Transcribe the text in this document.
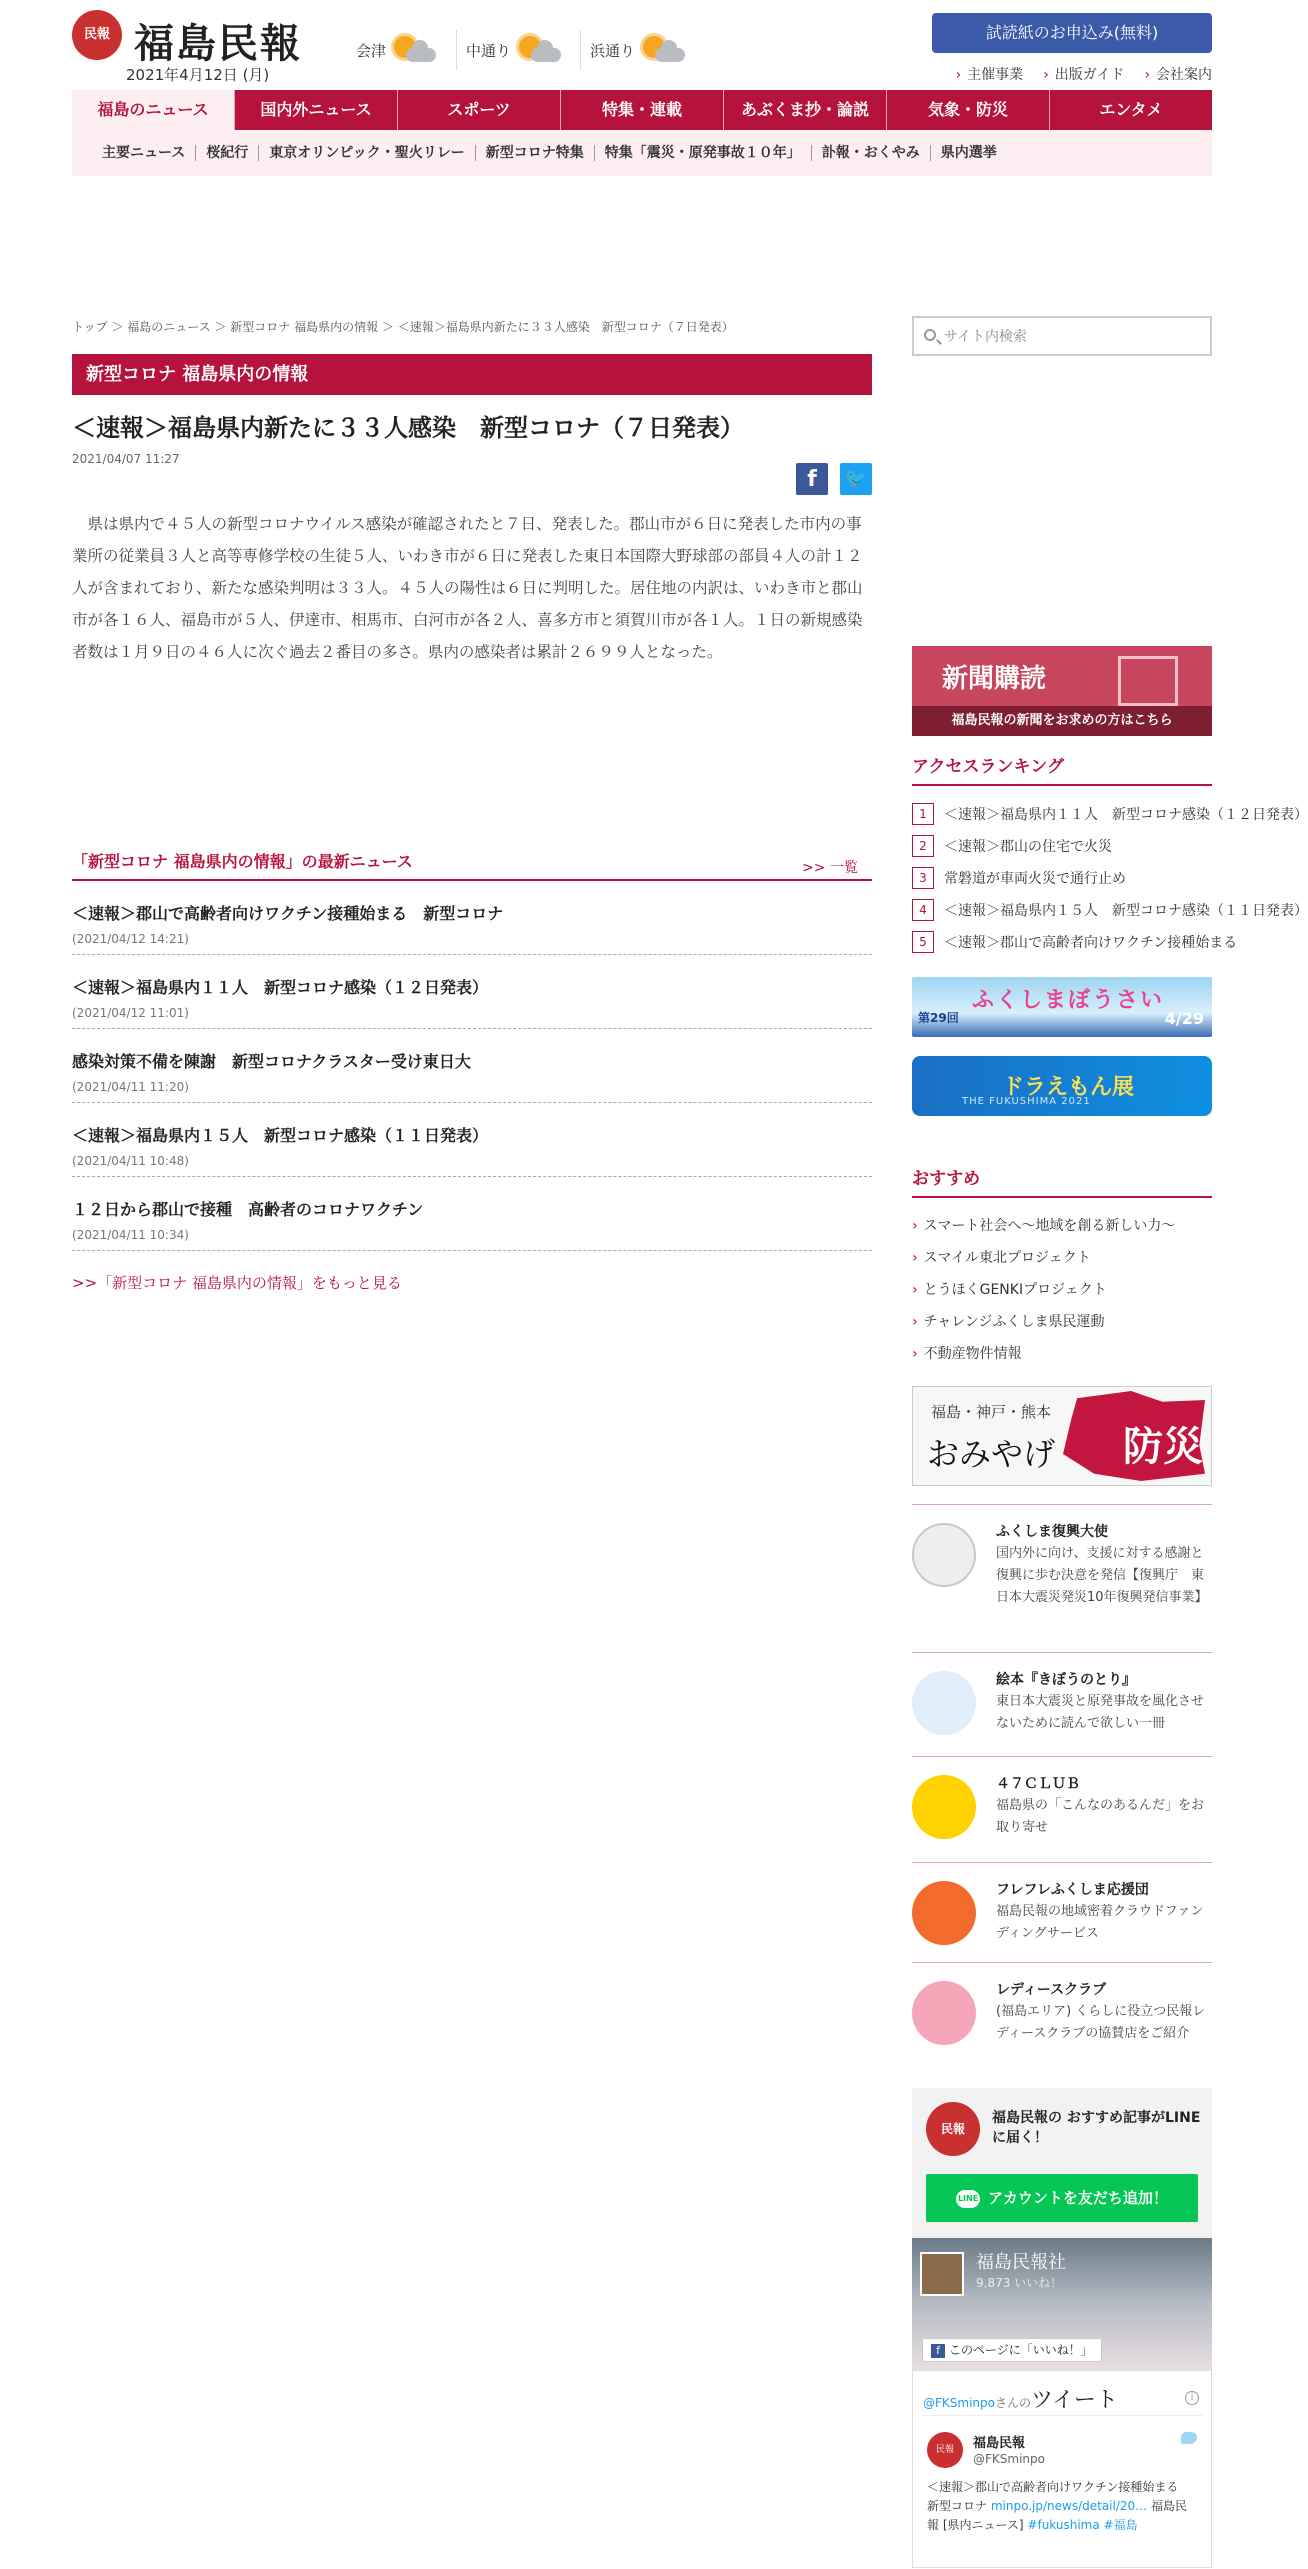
民報 福島民報
2021年4月12日 (月)
会津	中通り	浜通り
試読紙のお申込み(無料)
› 主催事業 › 出版ガイド › 会社案内
福島のニュース	国内外ニュース	スポーツ	特集・連載	あぶくま抄・論説	気象・防災	エンタメ
主要ニュース	桜紀行	東京オリンピック・聖火リレー	新型コロナ特集	特集「震災・原発事故１０年」	訃報・おくやみ	県内選挙
トップ ＞ 福島のニュース ＞ 新型コロナ 福島県内の情報 ＞ ＜速報＞福島県内新たに３３人感染　新型コロナ（７日発表）
新型コロナ 福島県内の情報
＜速報＞福島県内新たに３３人感染　新型コロナ（７日発表）
2021/04/07 11:27
f	🐦

県は県内で４５人の新型コロナウイルス感染が確認されたと７日、発表した。郡山市が６日に発表した市内の事業所の従業員３人と高等専修学校の生徒５人、いわき市が６日に発表した東日本国際大野球部の部員４人の計１２人が含まれており、新たな感染判明は３３人。４５人の陽性は６日に判明した。居住地の内訳は、いわき市と郡山市が各１６人、福島市が５人、伊達市、相馬市、白河市が各２人、喜多方市と須賀川市が各１人。１日の新規感染者数は１月９日の４６人に次ぐ過去２番目の多さ。県内の感染者は累計２６９９人となった。

「新型コロナ 福島県内の情報」の最新ニュース	>> 一覧
＜速報＞郡山で高齢者向けワクチン接種始まる　新型コロナ
(2021/04/12 14:21)
＜速報＞福島県内１１人　新型コロナ感染（１２日発表）
(2021/04/12 11:01)
感染対策不備を陳謝　新型コロナクラスター受け東日大
(2021/04/11 11:20)
＜速報＞福島県内１５人　新型コロナ感染（１１日発表）
(2021/04/11 10:48)
１２日から郡山で接種　高齢者のコロナワクチン
(2021/04/11 10:34)
>>「新型コロナ 福島県内の情報」をもっと見る
サイト内検索
新聞購読
福島民報の新聞をお求めの方はこちら
アクセスランキング
1	＜速報＞福島県内１１人　新型コロナ感染（１２日発表）
2	＜速報＞郡山の住宅で火災
3	常磐道が車両火災で通行止め
4	＜速報＞福島県内１５人　新型コロナ感染（１１日発表）
5	＜速報＞郡山で高齢者向けワクチン接種始まる
ふくしまぼうさい
第29回	4/29
ドラえもん展
THE FUKUSHIMA 2021
おすすめ
› スマート社会へ～地域を創る新しい力～
› スマイル東北プロジェクト
› とうほくGENKIプロジェクト
› チャレンジふくしま県民運動
› 不動産物件情報
福島・神戸・熊本
おみやげ 防災
ふくしま復興大使
国内外に向け、支援に対する感謝と復興に歩む決意を発信【復興庁　東日本大震災発災10年復興発信事業】
絵本『きぼうのとり』
東日本大震災と原発事故を風化させないために読んで欲しい一冊
４７ＣＬＵＢ
福島県の「こんなのあるんだ」をお取り寄せ
フレフレふくしま応援団
福島民報の地域密着クラウドファンディングサービス
レディースクラブ
(福島エリア) くらしに役立つ民報レディースクラブの協賛店をご紹介
民報
福島民報の おすすめ記事がLINEに届く！
LINE アカウントを友だち追加！
福島民報社
9,873 いいね！
f このページに「いいね！」
@FKSminpoさんのツイート	i
民報	福島民報
@FKSminpo
＜速報＞郡山で高齢者向けワクチン接種始まる　新型コロナ minpo.jp/news/detail/20… 福島民報 [県内ニュース] #fukushima #福島
